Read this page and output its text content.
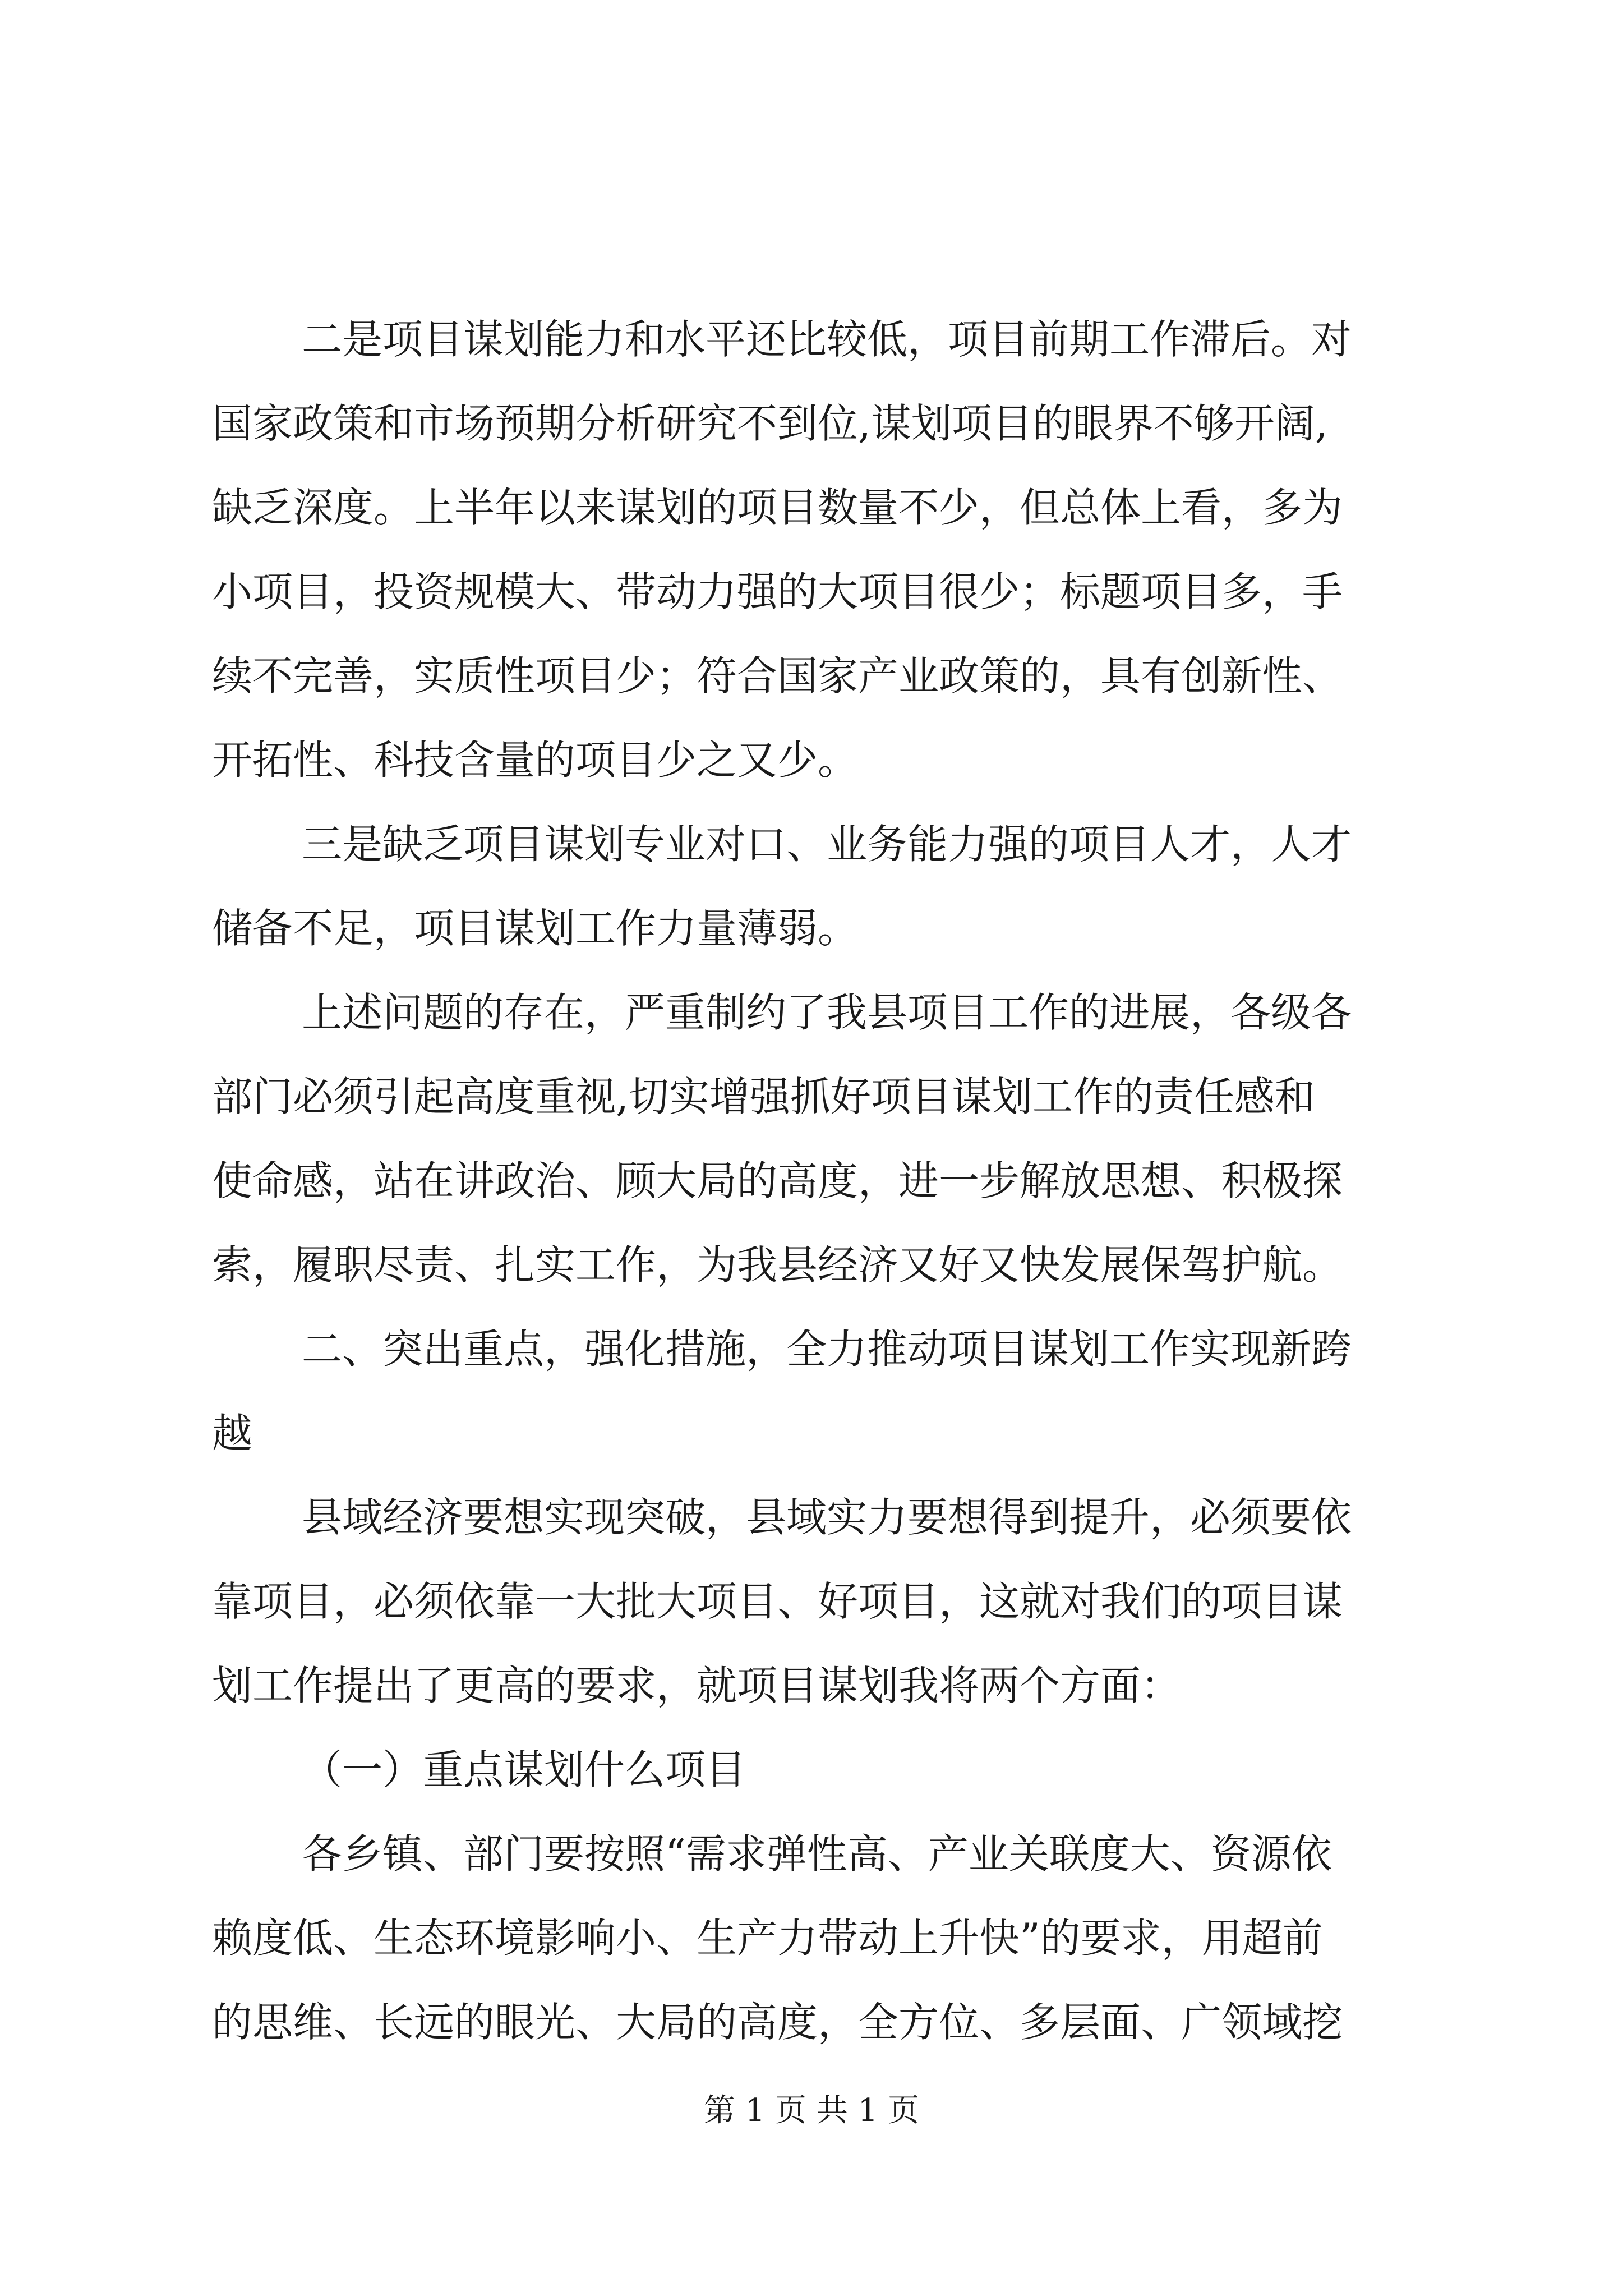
二是项目谋划能力和水平还比较低，项目前期工作滞后。对
国家政策和市场预期分析研究不到位,谋划项目的眼界不够开阔,
缺乏深度。上半年以来谋划的项目数量不少，但总体上看，多为
小项目，投资规模大、带动力强的大项目很少；标题项目多，手
续不完善，实质性项目少；符合国家产业政策的，具有创新性、
开拓性、科技含量的项目少之又少。
三是缺乏项目谋划专业对口、业务能力强的项目人才，人才
储备不足，项目谋划工作力量薄弱。
上述问题的存在，严重制约了我县项目工作的进展，各级各
部门必须引起高度重视,切实增强抓好项目谋划工作的责任感和
使命感，站在讲政治、顾大局的高度，进一步解放思想、积极探
索，履职尽责、扎实工作，为我县经济又好又快发展保驾护航。
二、突出重点，强化措施，全力推动项目谋划工作实现新跨
越
县域经济要想实现突破，县域实力要想得到提升，必须要依
靠项目，必须依靠一大批大项目、好项目，这就对我们的项目谋
划工作提出了更高的要求，就项目谋划我将两个方面：
（一）重点谋划什么项目
各乡镇、部门要按照“需求弹性高、产业关联度大、资源依
赖度低、生态环境影响小、生产力带动上升快”的要求，用超前
的思维、长远的眼光、大局的高度，全方位、多层面、广领域挖
第 1 页 共 1 页
